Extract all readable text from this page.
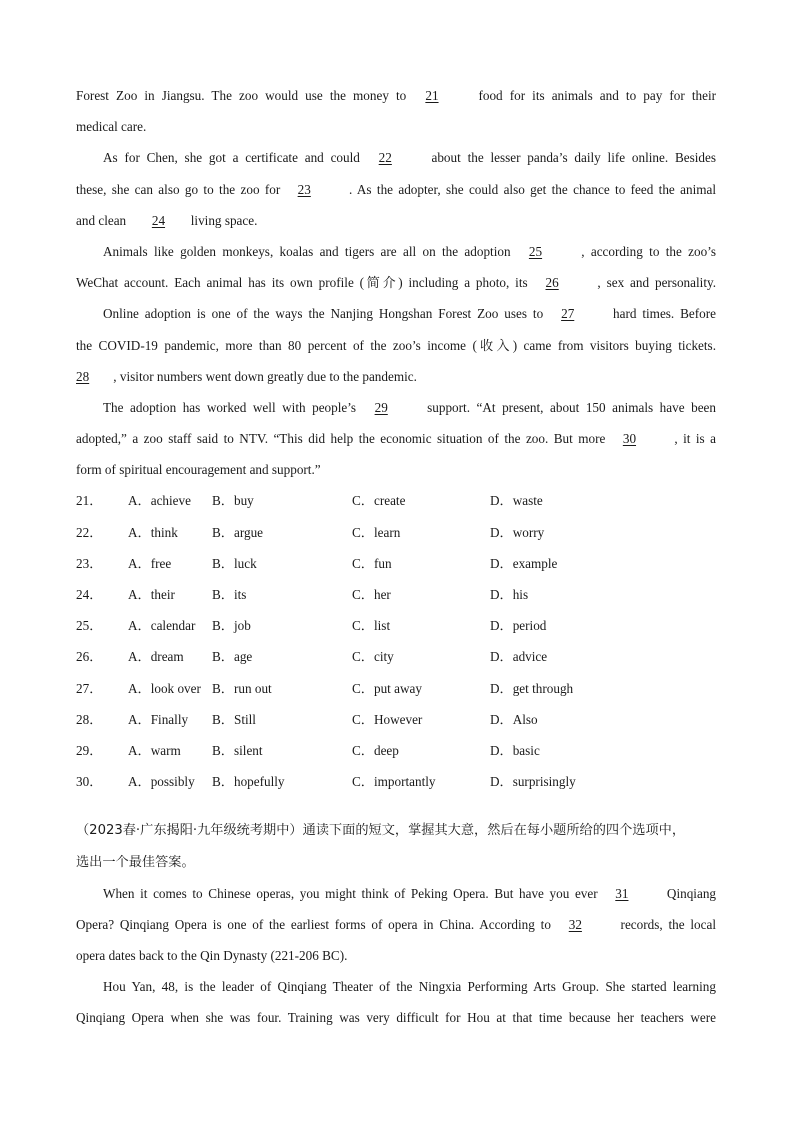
Forest Zoo in Jiangsu. The zoo would use the money to 21	food for its animals and to pay for their
medical care.
As for Chen, she got a certificate and could 22	about the lesser panda’s daily life online. Besides
these, she can also go to the zoo for 23	. As the adopter, she could also get the chance to feed the animal
and clean 24 living space.
Animals like golden monkeys, koalas and tigers are all on the adoption 25	, according to the zoo’s
WeChat account. Each animal has its own profile (简介) including a photo, its 26	, sex and personality.
Online adoption is one of the ways the Nanjing Hongshan Forest Zoo uses to 27	hard times. Before
the COVID-19 pandemic, more than 80 percent of the zoo’s income (收入) came from visitors buying tickets.
28 , visitor numbers went down greatly due to the pandemic.
The adoption has worked well with people’s 29	support. “At present, about 150 animals have been
adopted,” a zoo staff said to NTV. “This did help the economic situation of the zoo. But more 30	, it is a
form of spiritual encouragement and support.”
21． A．achieve B．buy	C．create	D．waste
22． A．think	B．argue	C．learn	D．worry
23． A．free	B．luck	C．fun	D．example
24． A．their	B．its	C．her	D．his
25． A．calendar B．job	C．list	D．period
26． A．dream B．age	C．city	D．advice
27． A．look over B．run out	C．put away	D．get through
28． A．Finally B．Still	C．However	D．Also
29． A．warm B．silent	C．deep	D．basic
30． A．possibly B．hopefully	C．importantly	D．surprisingly
（2023春·广东揭阳·九年级统考期中）通读下面的短文，掌握其大意，然后在每小题所给的四个选项中，
选出一个最佳答案。
When it comes to Chinese operas, you might think of Peking Opera. But have you ever 31	Qinqiang
Opera? Qinqiang Opera is one of the earliest forms of opera in China. According to 32	records, the local
opera dates back to the Qin Dynasty (221-206 BC).
Hou Yan, 48, is the leader of Qinqiang Theater of the Ningxia Performing Arts Group. She started learning
Qinqiang Opera when she was four. Training was very difficult for Hou at that time because her teachers were
